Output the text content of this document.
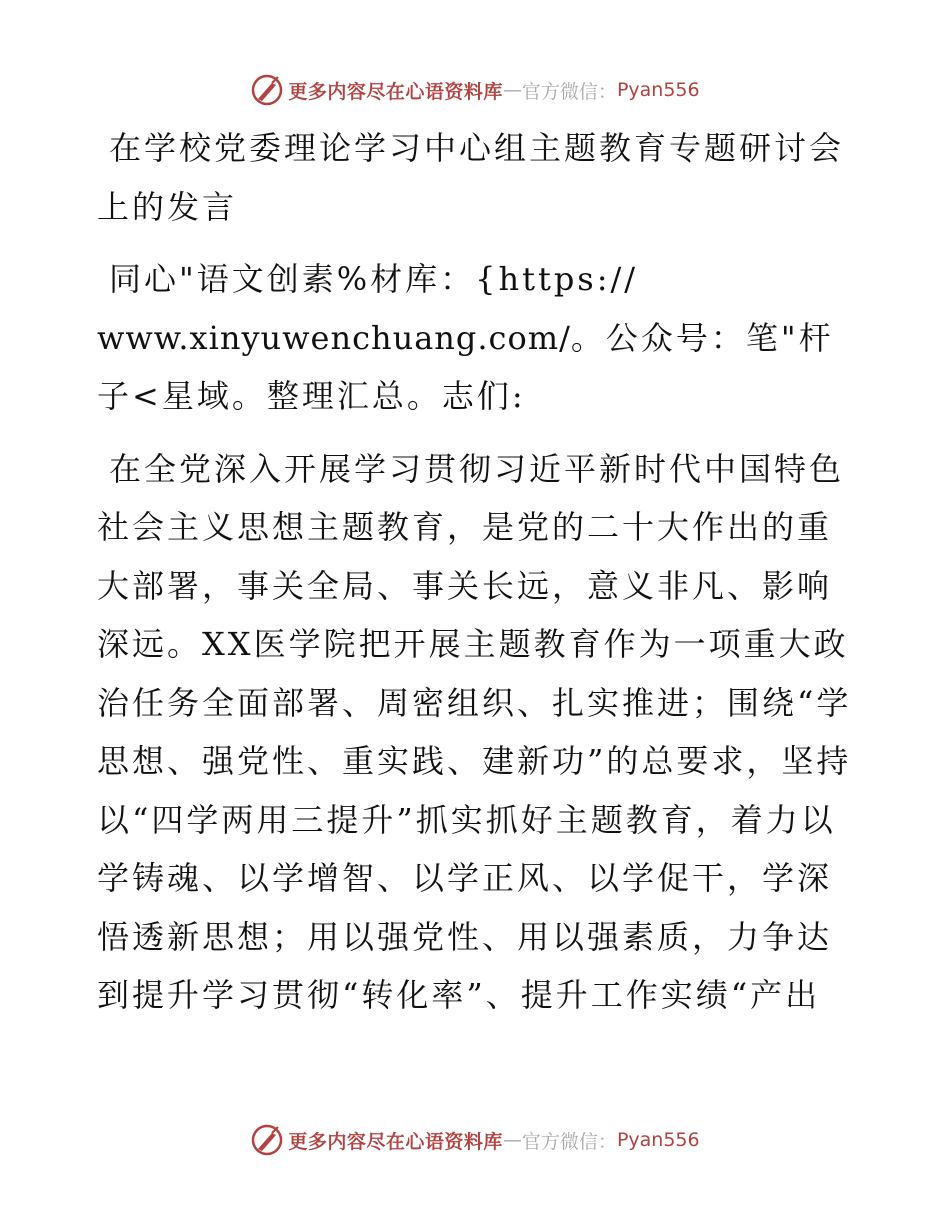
更多内容尽在心语资料库 — 官方微信： Pyan556

在学校党委理论学习中心组主题教育专题研讨会上的发言

同心"语文创素%材库：{https://
www.xinyuwenchuang.com/。公众号：笔"杆子<星域。整理汇总。志们:

在全党深入开展学习贯彻习近平新时代中国特色社会主义思想主题教育，是党的二十大作出的重大部署，事关全局、事关长远，意义非凡、影响深远。XX医学院把开展主题教育作为一项重大政治任务全面部署、周密组织、扎实推进；围绕“学思想、强党性、重实践、建新功”的总要求，坚持以“四学两用三提升”抓实抓好主题教育，着力以学铸魂、以学增智、以学正风、以学促干，学深悟透新思想；用以强党性、用以强素质，力争达到提升学习贯彻“转化率”、提升工作实绩“产出

更多内容尽在心语资料库 — 官方微信： Pyan556
